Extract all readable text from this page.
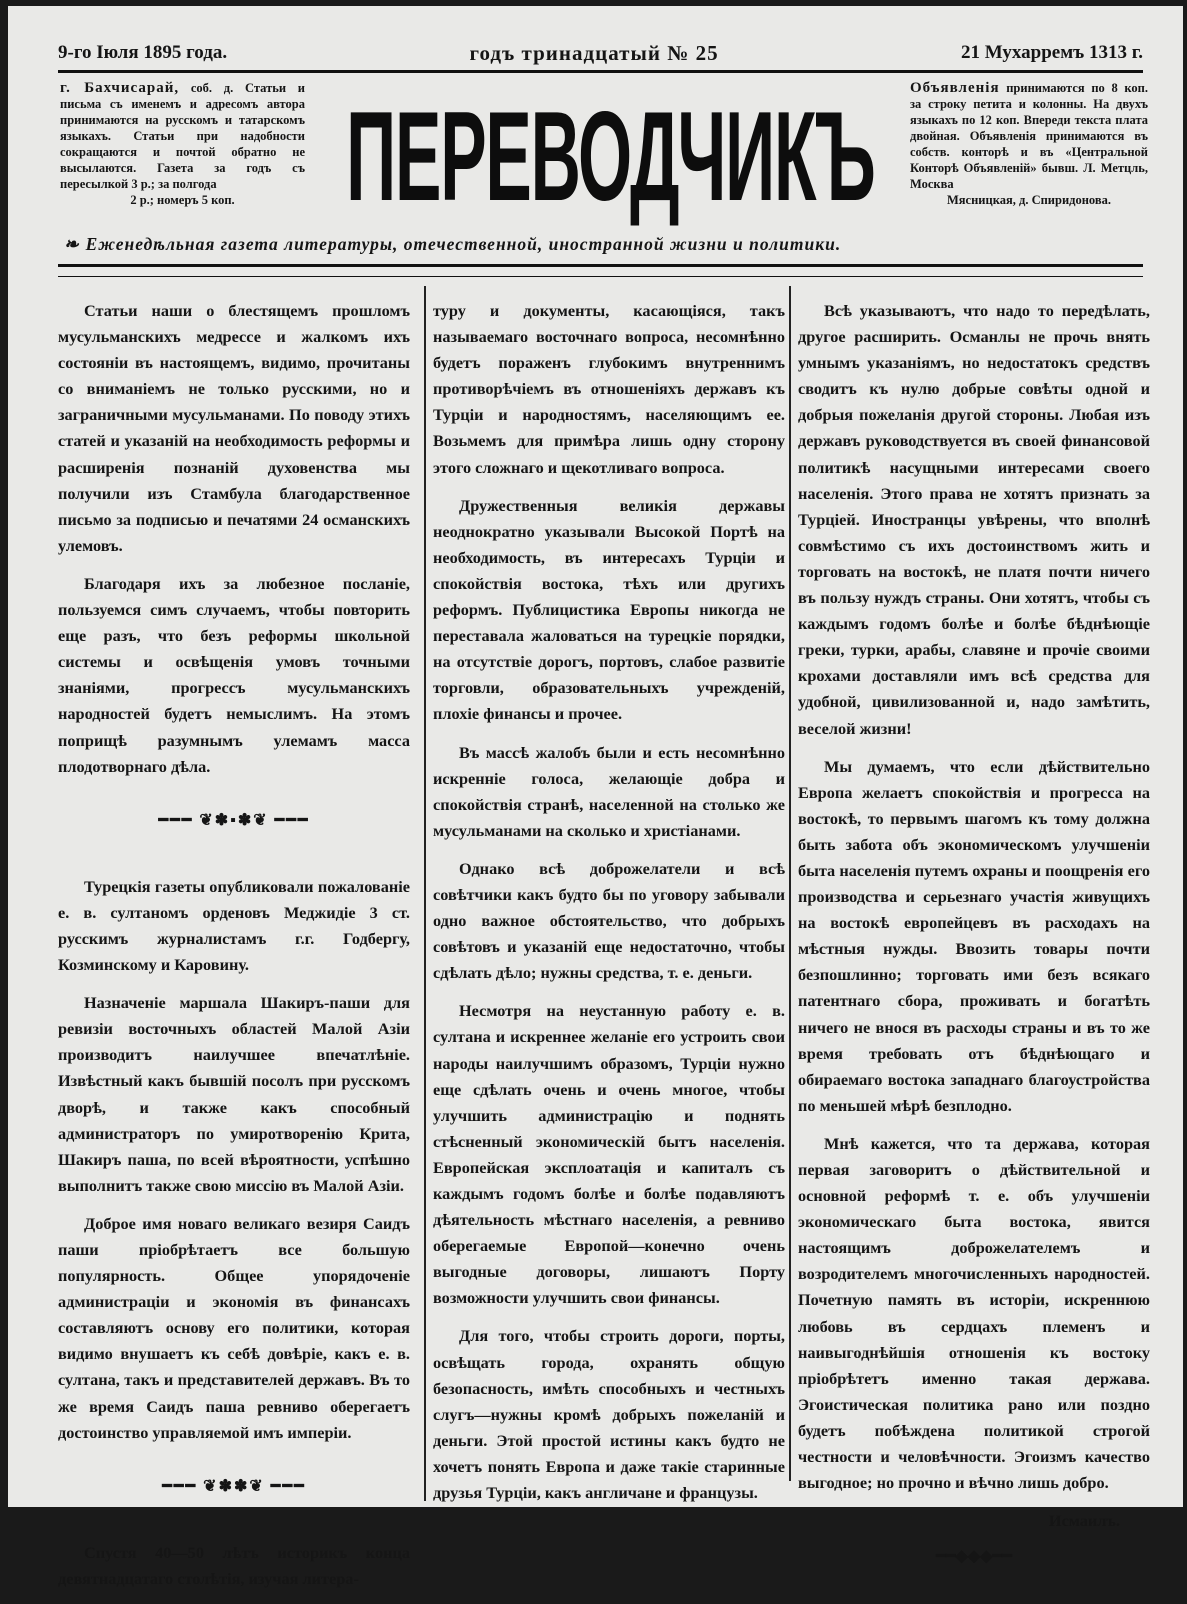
9-го Іюля 1895 года.	годъ тринадцатый № 25	21 Мухарремъ 1313 г.
г. Бахчисарай, соб. д. Статьи и письма съ именемъ и адресомъ автора принимаются на русскомъ и татарскомъ языкахъ. Статьи при надобности сокращаются и почтой обратно не высылаются. Газета за годъ съ пересылкой 3 р.; за полгода
2 р.; номеръ 5 коп. ПЕРЕВОДЧИКЪ Объявленія принимаются по 8 коп. за строку петита и колонны. На двухъ языкахъ по 12 коп. Впереди текста плата двойная. Объявленія принимаются въ собств. конторѣ и въ «Центральной Конторѣ Объявленій» бывш. Л. Метцль, Москва
Мясницкая, д. Спиридонова.
❧ Еженедѣльная газета литературы, отечественной, иностранной жизни и политики.

Статьи наши о блестящемъ прошломъ мусульманскихъ медрессе и жалкомъ ихъ состояніи въ настоящемъ, видимо, прочитаны со вниманіемъ не только русскими, но и заграничными мусульманами. По поводу этихъ статей и указаній на необходимость реформы и расширенія познаній духовенства мы получили изъ Стамбула благодарственное письмо за подписью и печатями 24 османскихъ улемовъ.

Благодаря ихъ за любезное посланіе, пользуемся симъ случаемъ, чтобы повторить еще разъ, что безъ реформы школьной системы и освѣщенія умовъ точными знаніями, прогрессъ мусульманскихъ народностей будетъ немыслимъ. На этомъ поприщѣ разумнымъ улемамъ масса плодотворнаго дѣла.

━━━ ❦✽▪✽❦ ━━━

Турецкія газеты опубликовали пожалованіе е. в. султаномъ орденовъ Меджидіе 3 ст. русскимъ журналистамъ г.г. Годбергу, Козминскому и Каровину.

Назначеніе маршала Шакиръ-паши для ревизіи восточныхъ областей Малой Азіи производитъ наилучшее впечатлѣніе. Извѣстный какъ бывшій посолъ при русскомъ дворѣ, и также какъ способный администраторъ по умиротворенію Крита, Шакиръ паша, по всей вѣроятности, успѣшно выполнитъ также свою миссію въ Малой Азіи.

Доброе имя новаго великаго везиря Саидъ паши пріобрѣтаетъ все большую популярность. Общее упорядоченіе администраціи и экономія въ финансахъ составляютъ основу его политики, которая видимо внушаетъ къ себѣ довѣріе, какъ е. в. султана, такъ и представителей державъ. Въ то же время Саидъ паша ревниво оберегаетъ достоинство управляемой имъ имперіи.

━━━ ❦✽✽❦ ━━━

Спустя 40—50 лѣтъ историкъ конца девятнадцатаго столѣтія, изучая литера-

туру и документы, касающіяся, такъ называемаго восточнаго вопроса, несомнѣнно будетъ пораженъ глубокимъ внутреннимъ противорѣчіемъ въ отношеніяхъ державъ къ Турціи и народностямъ, населяющимъ ее. Возьмемъ для примѣра лишь одну сторону этого сложнаго и щекотливаго вопроса.

Дружественныя великія державы неоднократно указывали Высокой Портѣ на необходимость, въ интересахъ Турціи и спокойствія востока, тѣхъ или другихъ реформъ. Публицистика Европы никогда не переставала жаловаться на турецкіе порядки, на отсутствіе дорогъ, портовъ, слабое развитіе торговли, образовательныхъ учрежденій, плохіе финансы и прочее.

Въ массѣ жалобъ были и есть несомнѣнно искренніе голоса, желающіе добра и спокойствія странѣ, населенной на столько же мусульманами на сколько и христіанами.

Однако всѣ доброжелатели и всѣ совѣтчики какъ будто бы по уговору забывали одно важное обстоятельство, что добрыхъ совѣтовъ и указаній еще недостаточно, чтобы сдѣлать дѣло; нужны средства, т. е. деньги.

Несмотря на неустанную работу е. в. султана и искреннее желаніе его устроить свои народы наилучшимъ образомъ, Турціи нужно еще сдѣлать очень и очень многое, чтобы улучшить администрацію и поднять стѣсненный экономическій бытъ населенія. Европейская эксплоатація и капиталъ съ каждымъ годомъ болѣе и болѣе подавляютъ дѣятельность мѣстнаго населенія, а ревниво оберегаемые Европой—конечно очень выгодные договоры, лишаютъ Порту возможности улучшить свои финансы.

Для того, чтобы строить дороги, порты, освѣщать города, охранять общую безопасность, имѣть способныхъ и честныхъ слугъ—нужны кромѣ добрыхъ пожеланій и деньги. Этой простой истины какъ будто не хочетъ понять Европа и даже такіе старинные друзья Турціи, какъ англичане и французы.

Всѣ указываютъ, что надо то передѣлать, другое расширить. Османлы не прочь внять умнымъ указаніямъ, но недостатокъ средствъ сводитъ къ нулю добрые совѣты одной и добрыя пожеланія другой стороны. Любая изъ державъ руководствуется въ своей финансовой политикѣ насущными интересами своего населенія. Этого права не хотятъ признать за Турціей. Иностранцы увѣрены, что вполнѣ совмѣстимо съ ихъ достоинствомъ жить и торговать на востокѣ, не платя почти ничего въ пользу нуждъ страны. Они хотятъ, чтобы съ каждымъ годомъ болѣе и болѣе бѣднѣющіе греки, турки, арабы, славяне и прочіе своими крохами доставляли имъ всѣ средства для удобной, цивилизованной и, надо замѣтить, веселой жизни!

Мы думаемъ, что если дѣйствительно Европа желаетъ спокойствія и прогресса на востокѣ, то первымъ шагомъ къ тому должна быть забота объ экономическомъ улучшеніи быта населенія путемъ охраны и поощренія его производства и серьезнаго участія живущихъ на востокѣ европейцевъ въ расходахъ на мѣстныя нужды. Ввозить товары почти безпошлинно; торговать ими безъ всякаго патентнаго сбора, проживать и богатѣть ничего не внося въ расходы страны и въ то же время требовать отъ бѣднѣющаго и обираемаго востока западнаго благоустройства по меньшей мѣрѣ безплодно.

Мнѣ кажется, что та держава, которая первая заговоритъ о дѣйствительной и основной реформѣ т. е. объ улучшеніи экономическаго быта востока, явится настоящимъ доброжелателемъ и возродителемъ многочисленныхъ народностей. Почетную память въ исторіи, искреннюю любовь въ сердцахъ племенъ и наивыгоднѣйшія отношенія къ востоку пріобрѣтетъ именно такая держава. Эгоистическая политика рано или поздно будетъ побѣждена политикой строгой честности и человѣчности. Эгоизмъ качество выгодное; но прочно и вѣчно лишь добро.

Исмаилъ.
━━◆◆◆━━
